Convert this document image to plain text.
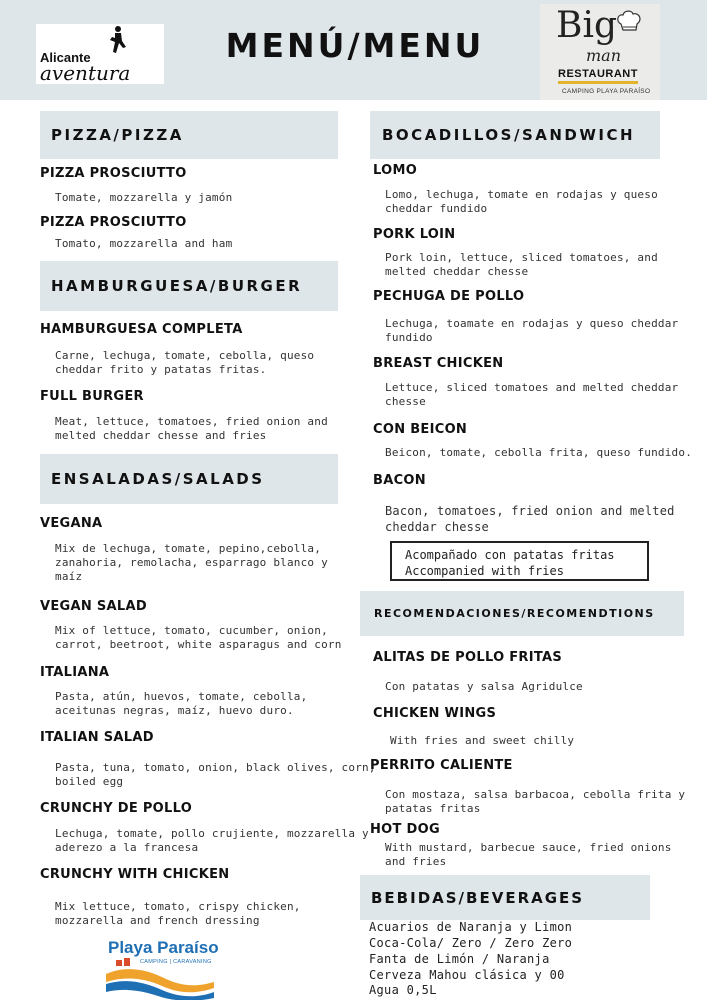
Alicante
aventura
MENÚ/MENU	Big
man
RESTAURANT
CAMPING PLAYA PARAÍSO
PIZZA/PIZZA
PIZZA PROSCIUTTO
Tomate, mozzarella y jamón
PIZZA PROSCIUTTO
Tomato, mozzarella and ham
HAMBURGUESA/BURGER
HAMBURGUESA COMPLETA
Carne, lechuga, tomate, cebolla, queso
cheddar frito y patatas fritas.
FULL BURGER
Meat, lettuce, tomatoes, fried onion and
melted cheddar chesse and fries
ENSALADAS/SALADS
VEGANA
Mix de lechuga, tomate, pepino,cebolla,
zanahoria, remolacha, esparrago blanco y
maíz
VEGAN SALAD
Mix of lettuce, tomato, cucumber, onion,
carrot, beetroot, white asparagus and corn
ITALIANA
Pasta, atún, huevos, tomate, cebolla,
aceitunas negras, maíz, huevo duro.
ITALIAN SALAD
Pasta, tuna, tomato, onion, black olives, corn,
boiled egg
CRUNCHY DE POLLO
Lechuga, tomate, pollo crujiente, mozzarella y
aderezo a la francesa
CRUNCHY WITH CHICKEN
Mix lettuce, tomato, crispy chicken,
mozzarella and french dressing
Playa Paraíso
CAMPING | CARAVANING
BOCADILLOS/SANDWICH
LOMO
Lomo, lechuga, tomate en rodajas y queso
cheddar fundido
PORK LOIN
Pork loin, lettuce, sliced tomatoes, and
melted cheddar chesse
PECHUGA DE POLLO
Lechuga, toamate en rodajas y queso cheddar
fundido
BREAST CHICKEN
Lettuce, sliced tomatoes and melted cheddar
chesse
CON BEICON
Beicon, tomate, cebolla frita, queso fundido.
BACON
Bacon, tomatoes, fried onion and melted
cheddar chesse
Acompañado con patatas fritas
Accompanied with fries
RECOMENDACIONES/RECOMENDTIONS
ALITAS DE POLLO FRITAS
Con patatas y salsa Agridulce
CHICKEN WINGS
With fries and sweet chilly
PERRITO CALIENTE
Con mostaza, salsa barbacoa, cebolla frita y
patatas fritas
HOT DOG
With mustard, barbecue sauce, fried onions
and fries
BEBIDAS/BEVERAGES
Acuarios de Naranja y Limon
Coca-Cola/ Zero / Zero Zero
Fanta de Limón / Naranja
Cerveza Mahou clásica y 00
Agua 0,5L
